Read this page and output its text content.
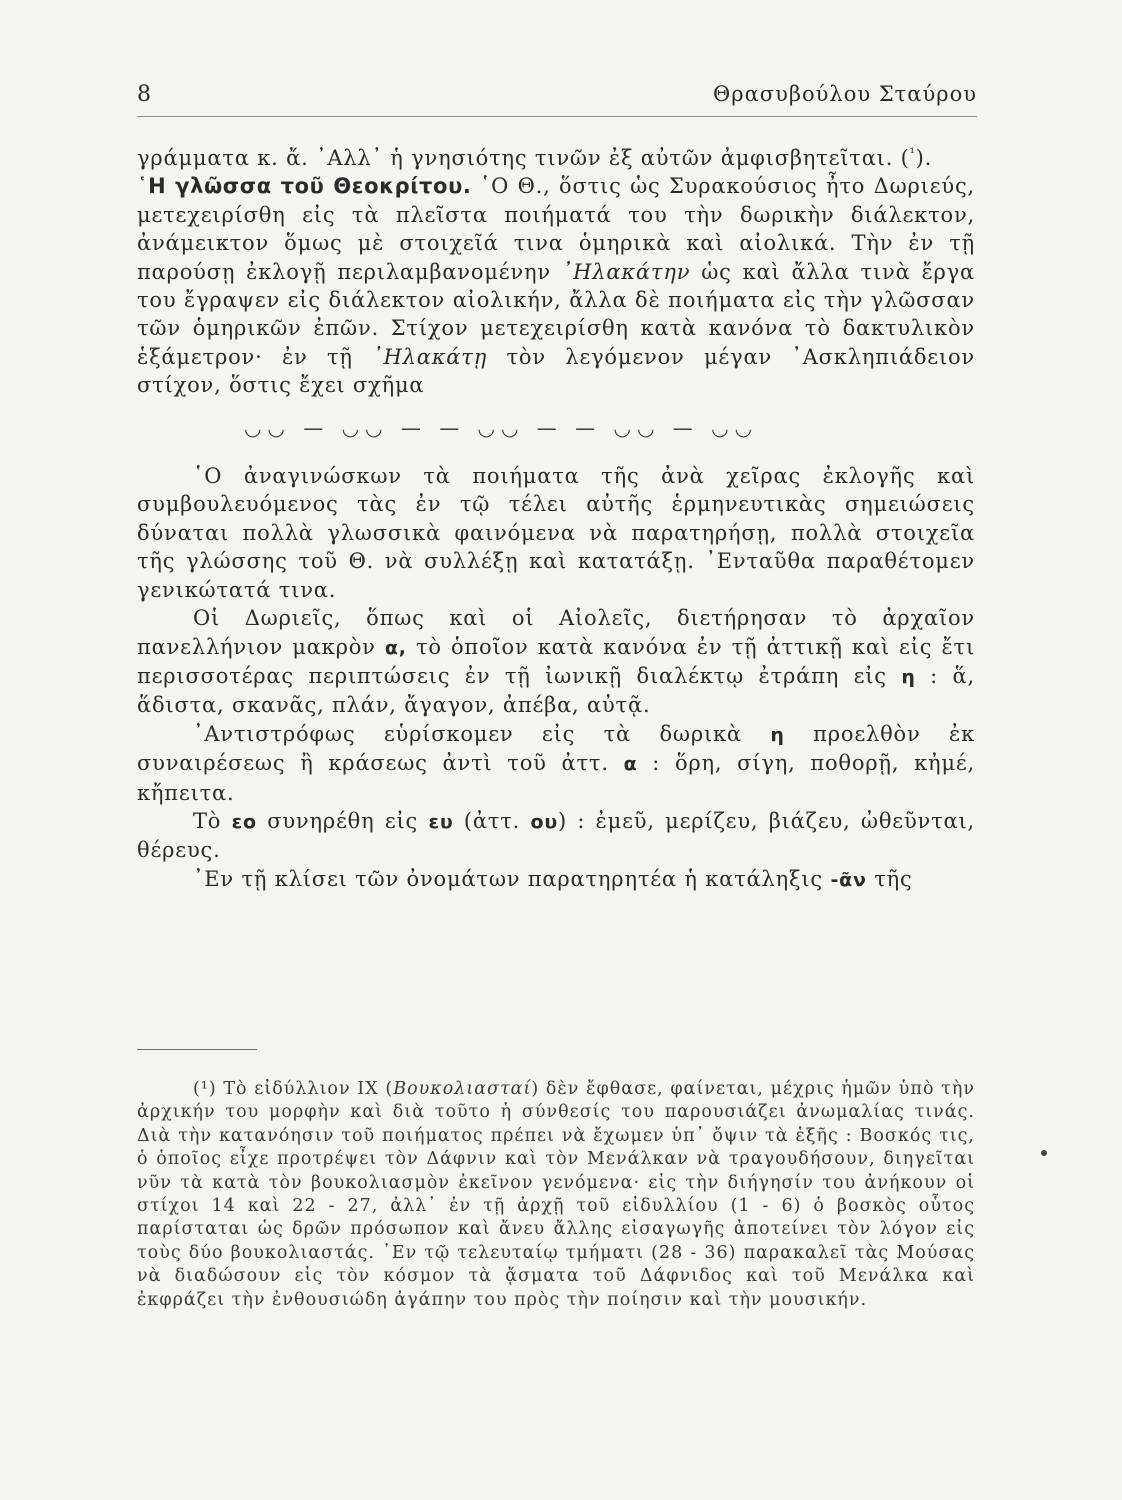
8	Θρασυβούλου Σταύρου

γράμματα κ. ἄ. ᾿Αλλ᾿ ἡ γνησιότης τινῶν ἐξ αὐτῶν ἀμφισβητεῖται. ($^{^1}$).

῾Η γλῶσσα τοῦ Θεοκρίτου. ῾Ο Θ., ὅστις ὡς Συρακούσιος ἦτο Δωριεύς, μετεχειρίσθη εἰς τὰ πλεῖστα ποιήματά του τὴν δωρικὴν διάλεκτον, ἀνάμεικτον ὅμως μὲ στοιχεῖά τινα ὁμηρικὰ καὶ αἰολικά. Τὴν ἐν τῇ παρούσῃ ἐκλογῇ περιλαμβανομένην ᾿Ηλακάτην ὡς καὶ ἄλλα τινὰ ἔργα του ἔγραψεν εἰς διάλεκτον αἰολικήν, ἄλλα δὲ ποιήματα εἰς τὴν γλῶσσαν τῶν ὁμηρικῶν ἐπῶν. Στίχον μετεχειρίσθη κατὰ κανόνα τὸ δακτυλικὸν ἑξάμετρον· ἐν τῇ ᾿Ηλακάτῃ τὸν λεγόμενον μέγαν ᾿Ασκληπιάδειον στίχον, ὅστις ἔχει σχῆμα

◡◡ — ◡◡ — — ◡◡ — — ◡◡ — ◡◡

῾Ο ἀναγινώσκων τὰ ποιήματα τῆς ἀνὰ χεῖρας ἐκλογῆς καὶ συμβουλευόμενος τὰς ἐν τῷ τέλει αὐτῆς ἑρμηνευτικὰς σημειώσεις δύναται πολλὰ γλωσσικὰ φαινόμενα νὰ παρατηρήσῃ, πολλὰ στοιχεῖα τῆς γλώσσης τοῦ Θ. νὰ συλλέξῃ καὶ κατατάξῃ. ᾿Ενταῦθα παραθέτομεν γενικώτατά τινα.

Οἱ Δωριεῖς, ὅπως καὶ οἱ Αἰολεῖς, διετήρησαν τὸ ἀρχαῖον πανελλήνιον μακρὸν α, τὸ ὁποῖον κατὰ κανόνα ἐν τῇ ἀττικῇ καὶ εἰς ἔτι περισσοτέρας περιπτώσεις ἐν τῇ ἰωνικῇ διαλέκτῳ ἐτράπη εἰς η : ἅ, ἅδιστα, σκανᾶς, πλάν, ἄγαγον, ἀπέβα, αὐτᾷ.

᾿Αντιστρόφως εὑρίσκομεν εἰς τὰ δωρικὰ η προελθὸν ἐκ συναιρέσεως ἢ κράσεως ἀντὶ τοῦ ἀττ. α : ὅρη, σίγη, ποθορῇ, κἠμέ, κἤπειτα.

Τὸ εο συνηρέθη εἰς ευ (ἀττ. ου) : ἐμεῦ, μερίζευ, βιάζευ, ὠθεῦνται, θέρευς.

᾿Εν τῇ κλίσει τῶν ὀνομάτων παρατηρητέα ἡ κατάληξις -ᾶν τῆς

(¹) Τὸ εἰδύλλιον IX (Βουκολιασταί) δὲν ἔφθασε, φαίνεται, μέχρις ἡμῶν ὑπὸ τὴν ἀρχικήν του μορφὴν καὶ διὰ τοῦτο ἡ σύνθεσίς του παρουσιάζει ἀνωμαλίας τινάς. Διὰ τὴν κατανόησιν τοῦ ποιήματος πρέπει νὰ ἔχωμεν ὑπ᾿ ὄψιν τὰ ἑξῆς : Βοσκός τις, ὁ ὁποῖος εἶχε προτρέψει τὸν Δάφνιν καὶ τὸν Μενάλκαν νὰ τραγουδήσουν, διηγεῖται νῦν τὰ κατὰ τὸν βουκολιασμὸν ἐκεῖνον γενόμενα· εἰς τὴν διήγησίν του ἀνήκουν οἱ στίχοι 14 καὶ 22 - 27, ἀλλ᾿ ἐν τῇ ἀρχῇ τοῦ εἰδυλλίου (1 - 6) ὁ βοσκὸς οὗτος παρίσταται ὡς δρῶν πρόσωπον καὶ ἄνευ ἄλλης εἰσαγωγῆς ἀποτείνει τὸν λόγον εἰς τοὺς δύο βουκολιαστάς. ᾿Εν τῷ τελευταίῳ τμήματι (28 - 36) παρακαλεῖ τὰς Μούσας νὰ διαδώσουν εἰς τὸν κόσμον τὰ ᾄσματα τοῦ Δάφνιδος καὶ τοῦ Μενάλκα καὶ ἐκφράζει τὴν ἐνθουσιώδη ἀγάπην του πρὸς τὴν ποίησιν καὶ τὴν μουσικήν.
